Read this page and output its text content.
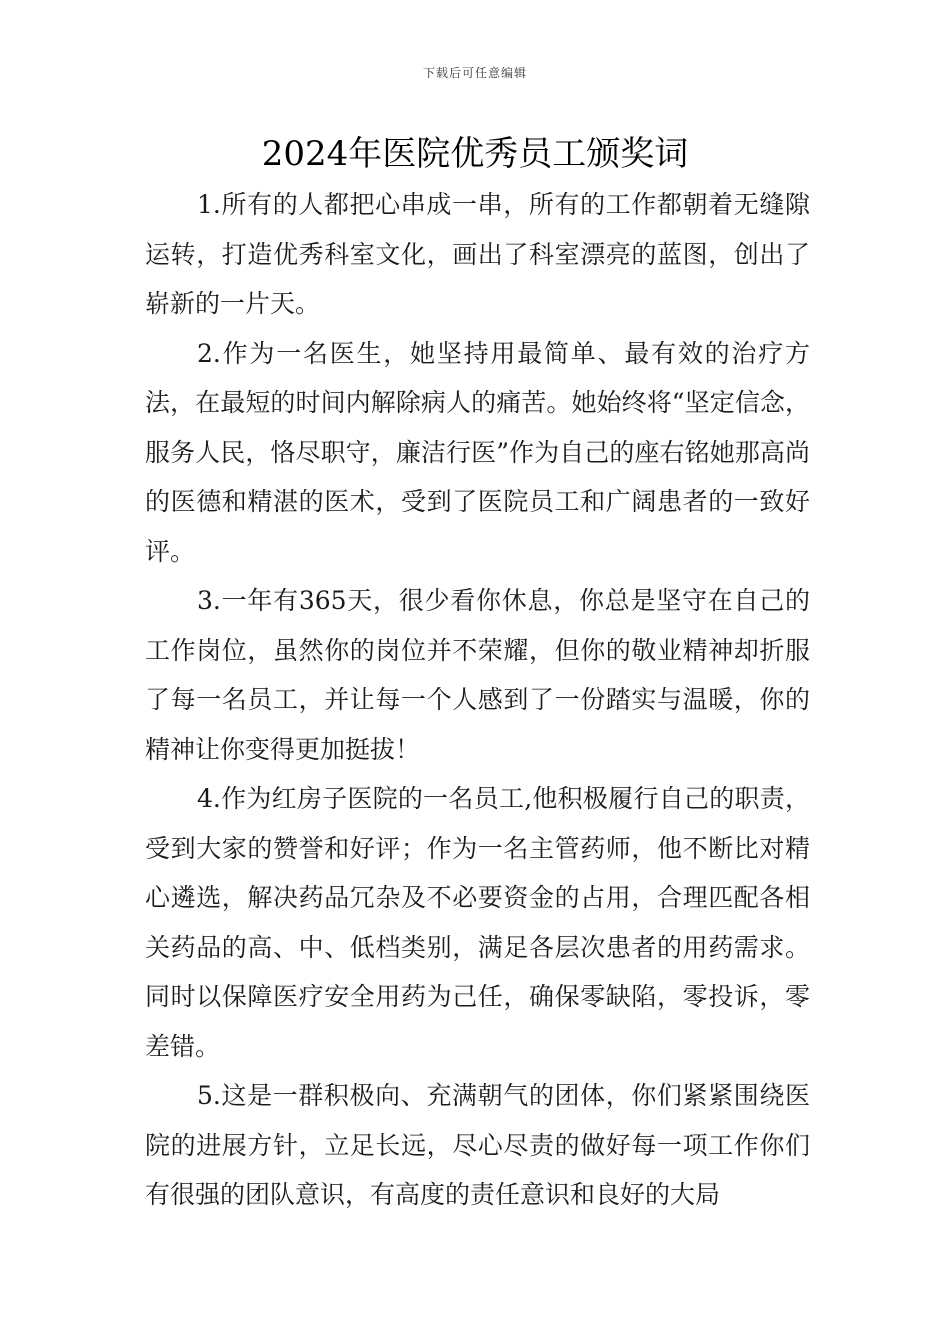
下载后可任意编辑
2024年医院优秀员工颁奖词

1.所有的人都把心串成一串，所有的工作都朝着无缝隙运转，打造优秀科室文化，画出了科室漂亮的蓝图，创出了崭新的一片天。

2.作为一名医生，她坚持用最简单、最有效的治疗方法，在最短的时间内解除病人的痛苦。她始终将“坚定信念，服务人民，恪尽职守，廉洁行医”作为自己的座右铭她那高尚的医德和精湛的医术，受到了医院员工和广阔患者的一致好评。

3.一年有365天，很少看你休息，你总是坚守在自己的工作岗位，虽然你的岗位并不荣耀，但你的敬业精神却折服了每一名员工，并让每一个人感到了一份踏实与温暖，你的精神让你变得更加挺拔！

4.作为红房子医院的一名员工,他积极履行自己的职责，受到大家的赞誉和好评；作为一名主管药师，他不断比对精心遴选，解决药品冗杂及不必要资金的占用，合理匹配各相关药品的高、中、低档类别，满足各层次患者的用药需求。同时以保障医疗安全用药为己任，确保零缺陷，零投诉，零差错。

5.这是一群积极向、充满朝气的团体，你们紧紧围绕医院的进展方针，立足长远，尽心尽责的做好每一项工作你们有很强的团队意识，有高度的责任意识和良好的大局
